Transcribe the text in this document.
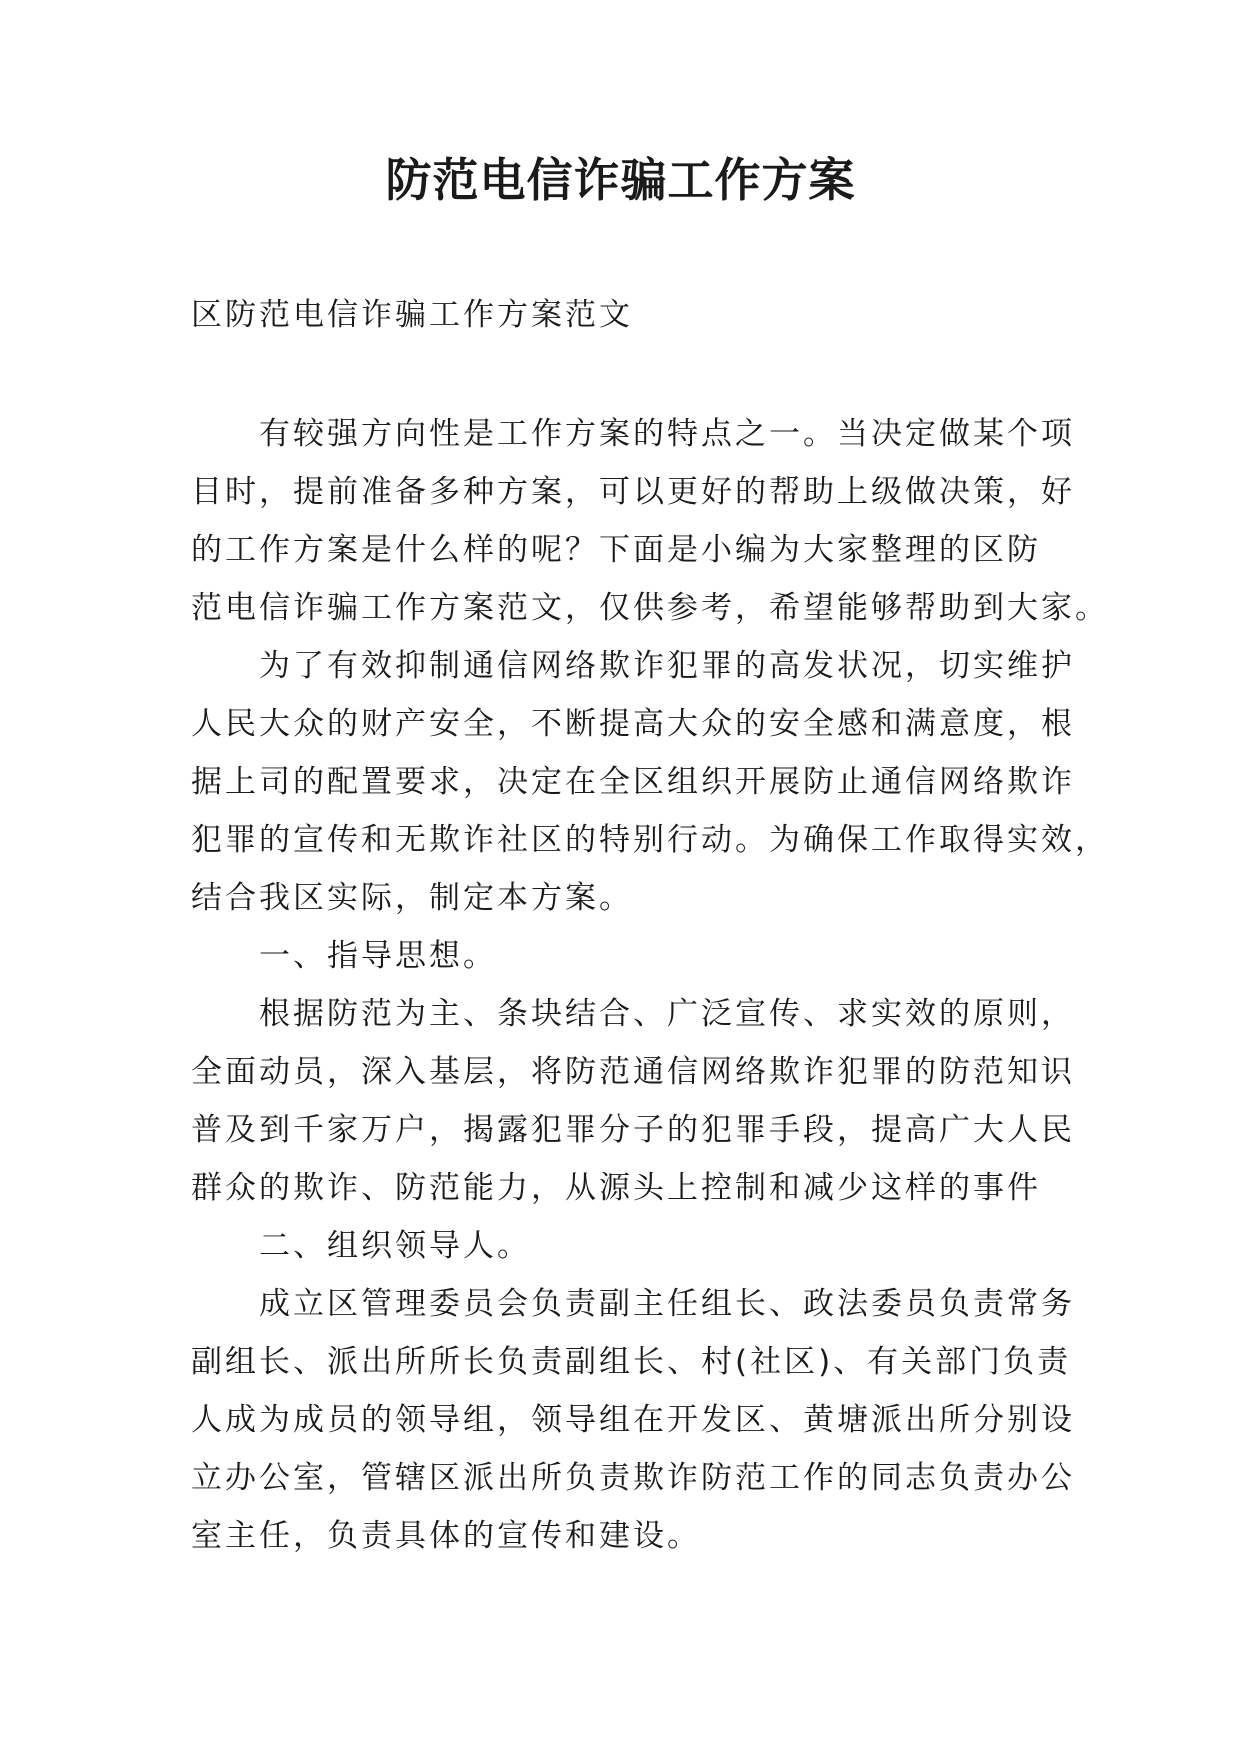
防范电信诈骗工作方案

区防范电信诈骗工作方案范文

有较强方向性是工作方案的特点之一。当决定做某个项
目时，提前准备多种方案，可以更好的帮助上级做决策，好
的工作方案是什么样的呢？下面是小编为大家整理的区防
范电信诈骗工作方案范文，仅供参考，希望能够帮助到大家。
为了有效抑制通信网络欺诈犯罪的高发状况，切实维护
人民大众的财产安全，不断提高大众的安全感和满意度，根
据上司的配置要求，决定在全区组织开展防止通信网络欺诈
犯罪的宣传和无欺诈社区的特别行动。为确保工作取得实效，
结合我区实际，制定本方案。
一、指导思想。
根据防范为主、条块结合、广泛宣传、求实效的原则，
全面动员，深入基层，将防范通信网络欺诈犯罪的防范知识
普及到千家万户，揭露犯罪分子的犯罪手段，提高广大人民
群众的欺诈、防范能力，从源头上控制和减少这样的事件
二、组织领导人。
成立区管理委员会负责副主任组长、政法委员负责常务
副组长、派出所所长负责副组长、村(社区)、有关部门负责
人成为成员的领导组，领导组在开发区、黄塘派出所分别设
立办公室，管辖区派出所负责欺诈防范工作的同志负责办公
室主任，负责具体的宣传和建设。
